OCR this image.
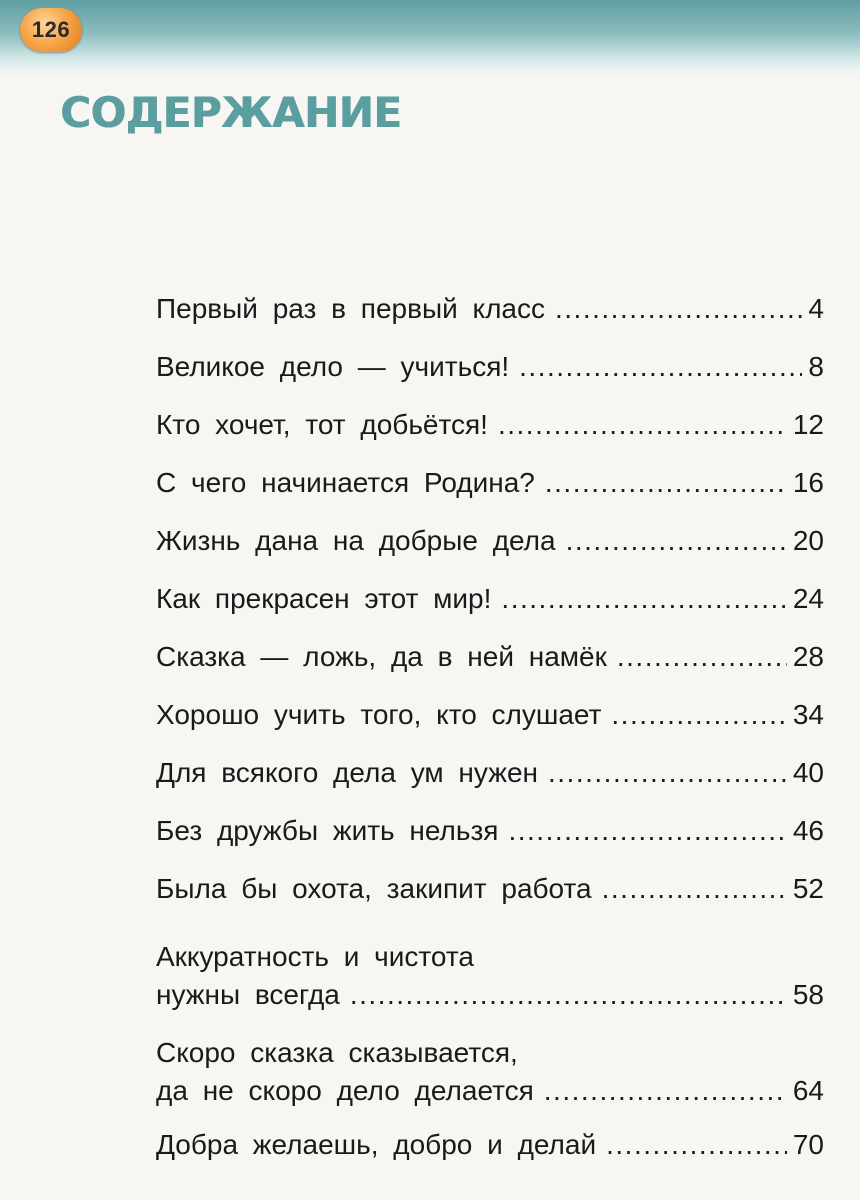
126
СОДЕРЖАНИЕ
Первый раз в первый класс .....	4
Великое дело — учиться! .....	8
Кто хочет, тот добьётся! .....	12
С чего начинается Родина? .....	16
Жизнь дана на добрые дела .....	20
Как прекрасен этот мир! .....	24
Сказка — ложь, да в ней намёк .....	28
Хорошо учить того, кто слушает .....	34
Для всякого дела ум нужен .....	40
Без дружбы жить нельзя .....	46
Была бы охота, закипит работа .....	52
Аккуратность и чистота
нужны всегда .....	58
Скоро сказка сказывается,
да не скоро дело делается .....	64
Добра желаешь, добро и делай .....	70
